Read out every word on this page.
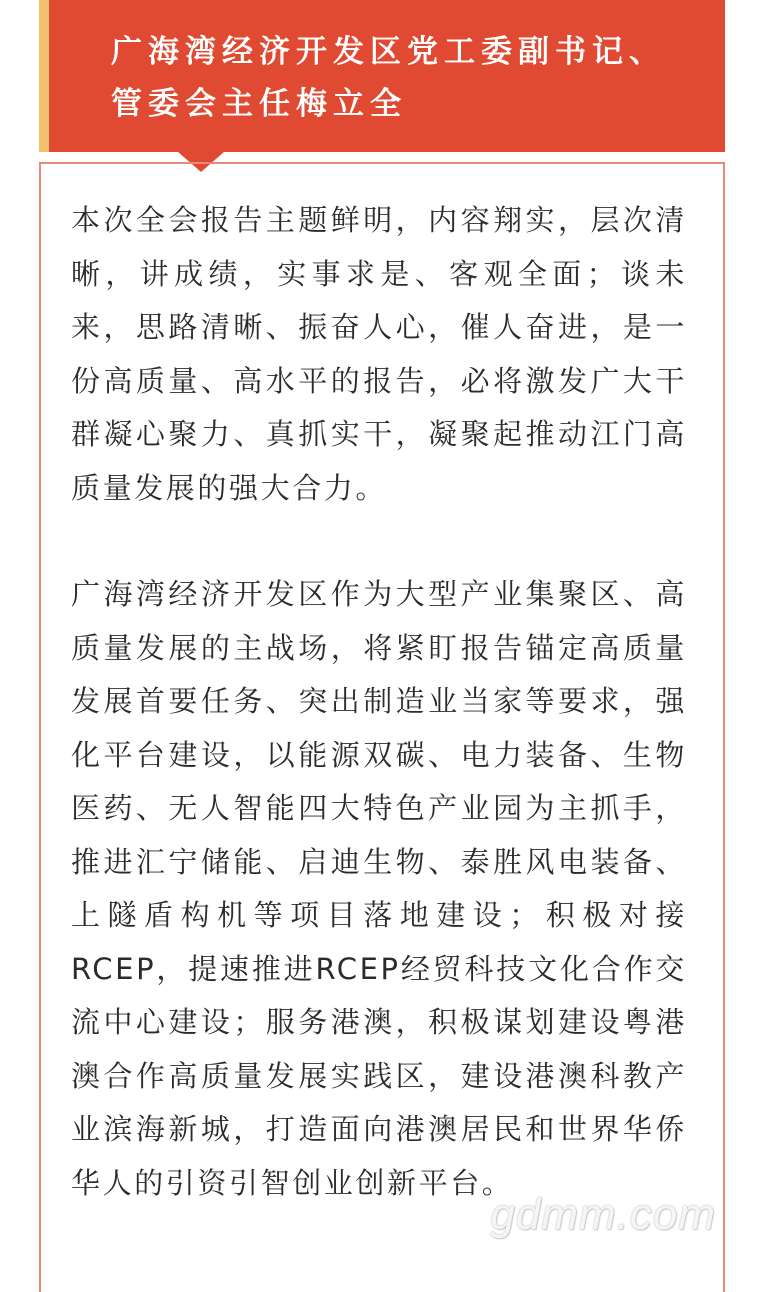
广海湾经济开发区党工委副书记、管委会主任梅立全

本次全会报告主题鲜明，内容翔实，层次清晰，讲成绩，实事求是、客观全面；谈未来，思路清晰、振奋人心，催人奋进，是一份高质量、高水平的报告，必将激发广大干群凝心聚力、真抓实干，凝聚起推动江门高质量发展的强大合力。

广海湾经济开发区作为大型产业集聚区、高质量发展的主战场，将紧盯报告锚定高质量发展首要任务、突出制造业当家等要求，强化平台建设，以能源双碳、电力装备、生物医药、无人智能四大特色产业园为主抓手，推进汇宁储能、启迪生物、泰胜风电装备、上隧盾构机等项目落地建设；积极对接RCEP，提速推进RCEP经贸科技文化合作交流中心建设；服务港澳，积极谋划建设粤港澳合作高质量发展实践区，建设港澳科教产业滨海新城，打造面向港澳居民和世界华侨华人的引资引智创业创新平台。

gdmm.com
